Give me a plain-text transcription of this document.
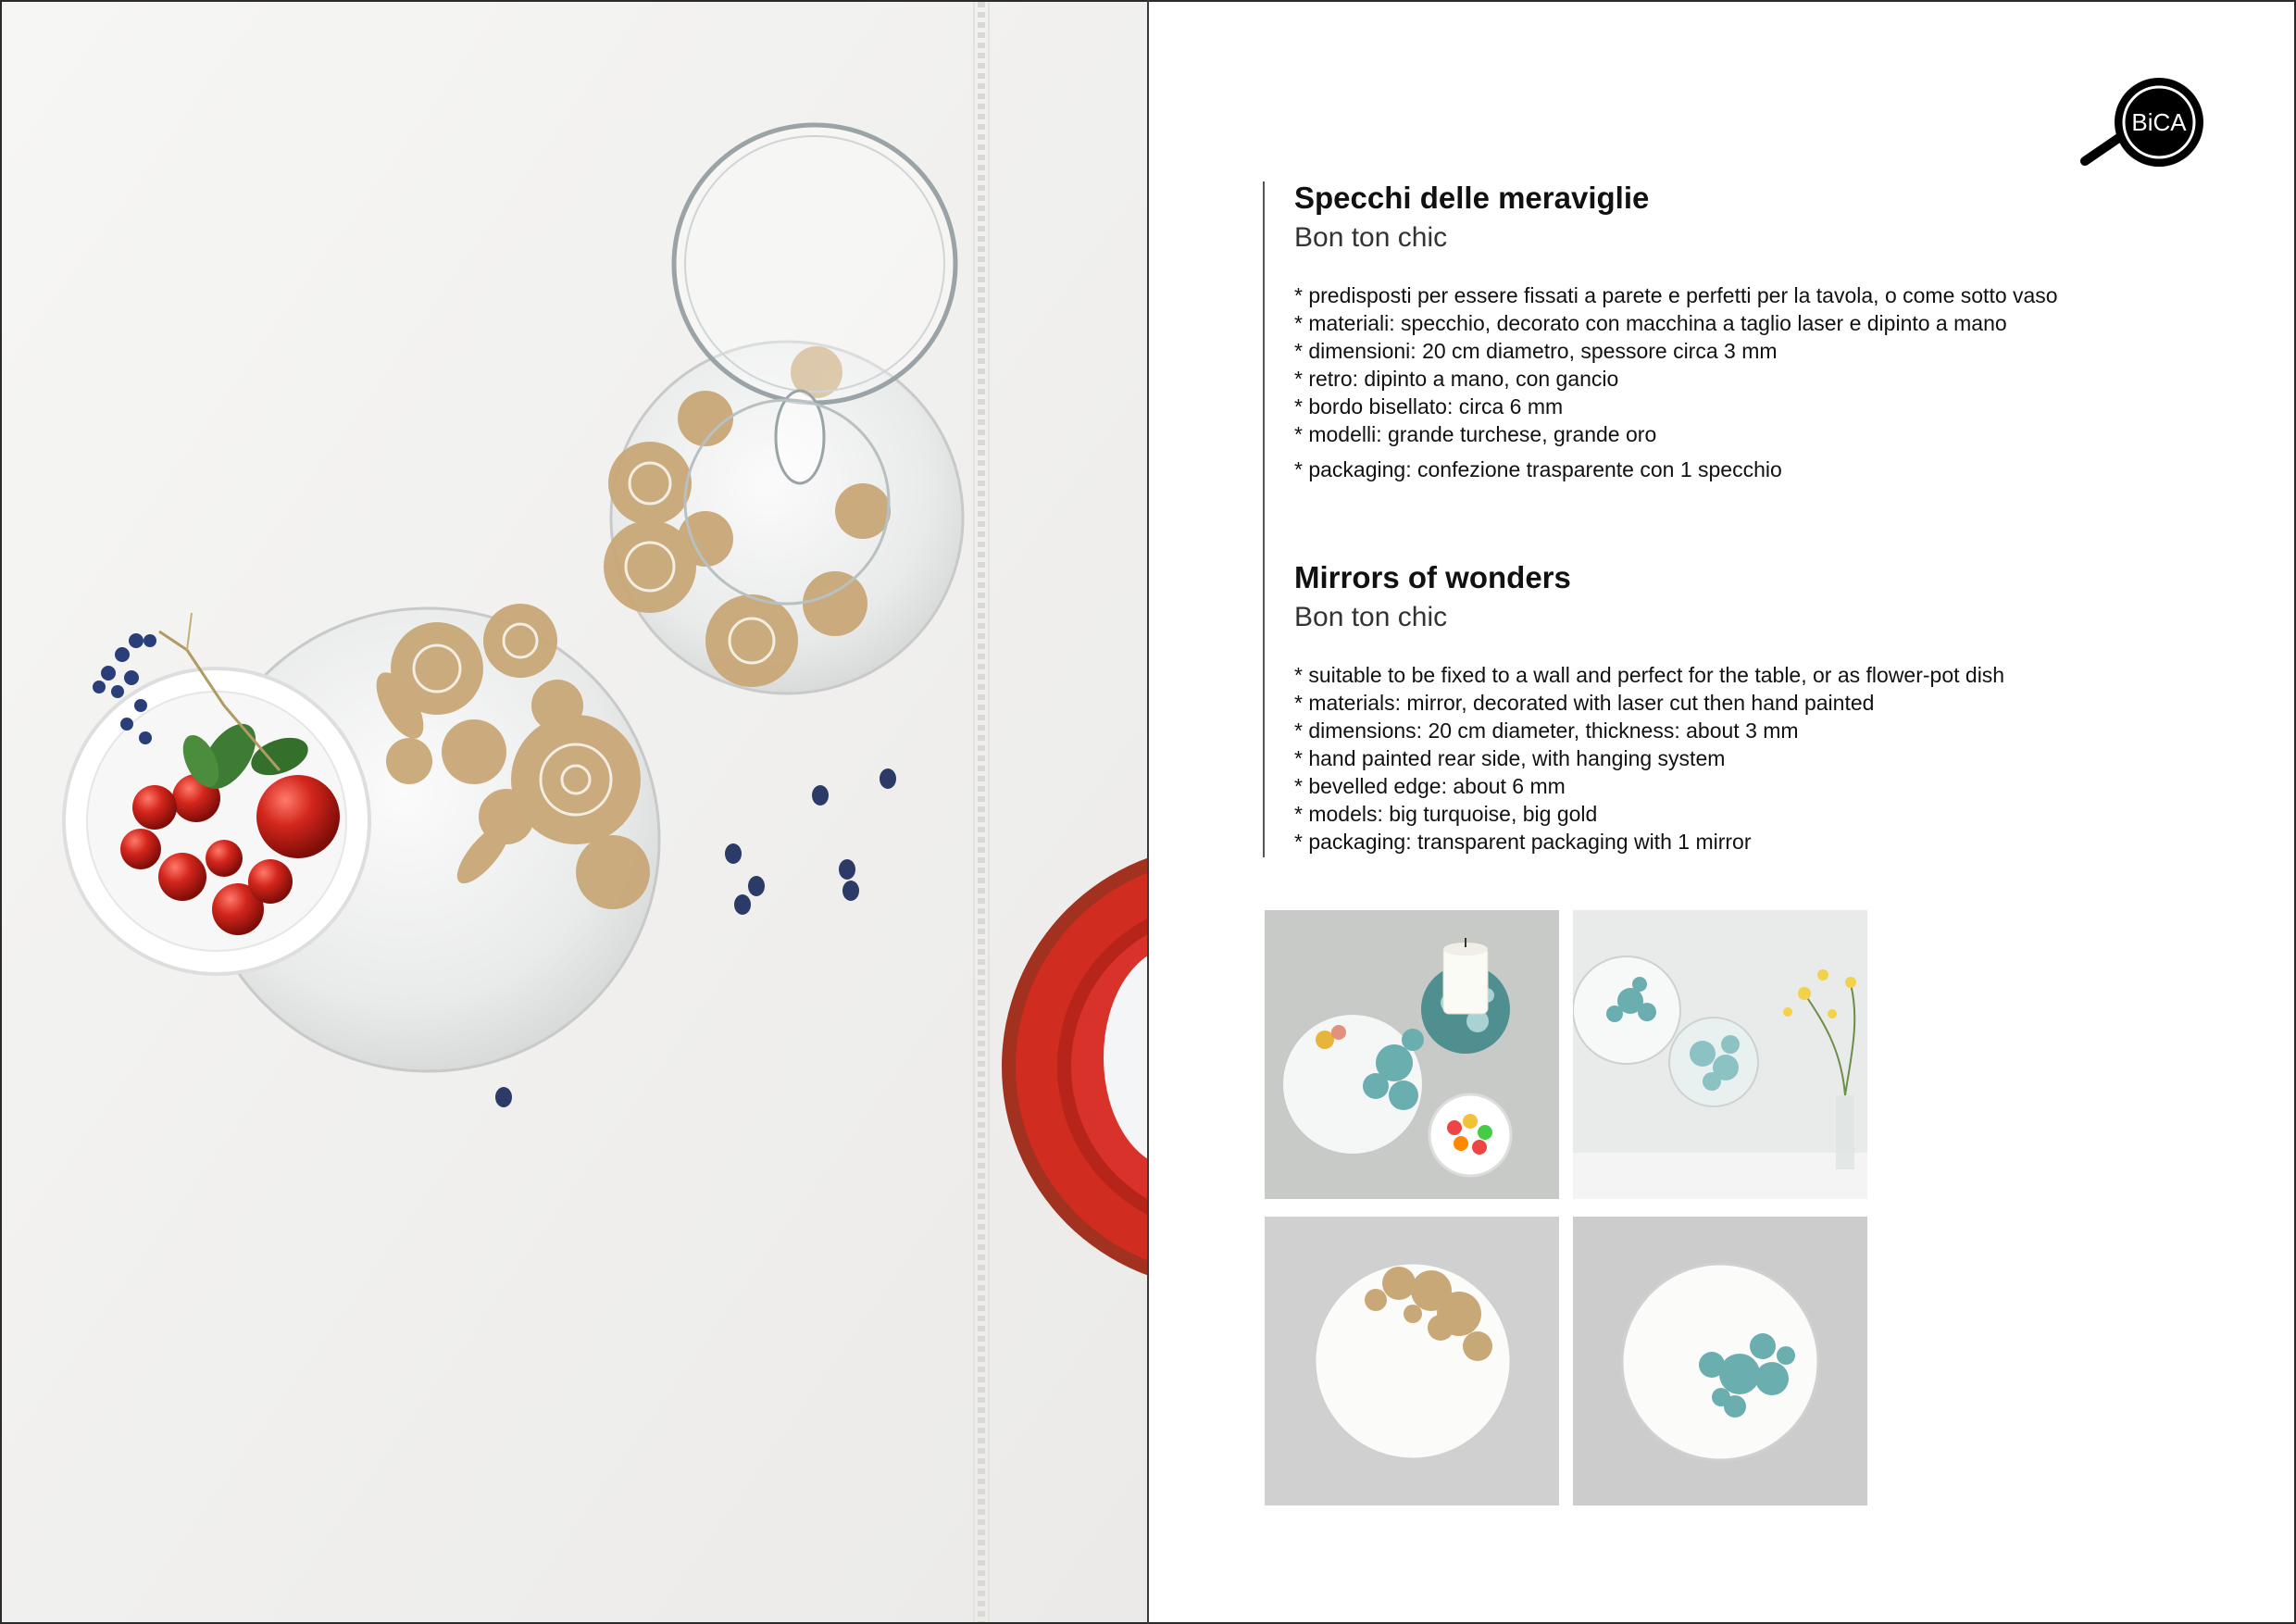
BiCA
Specchi delle meraviglie
Bon ton chic
* predisposti per essere fissati a parete e perfetti per la tavola, o come sotto vaso
* materiali: specchio, decorato con macchina a taglio laser e dipinto a mano
* dimensioni: 20 cm diametro, spessore circa 3 mm
* retro: dipinto a mano, con gancio
* bordo bisellato: circa 6 mm
* modelli: grande turchese, grande oro
* packaging: confezione trasparente con 1 specchio
Mirrors of wonders
Bon ton chic
* suitable to be fixed to a wall and perfect for the table, or as flower-pot dish
* materials: mirror, decorated with laser cut then hand painted
* dimensions: 20 cm diameter, thickness: about 3 mm
* hand painted rear side, with hanging system
* bevelled edge: about 6 mm
* models: big turquoise, big gold
* packaging: transparent packaging with 1 mirror
